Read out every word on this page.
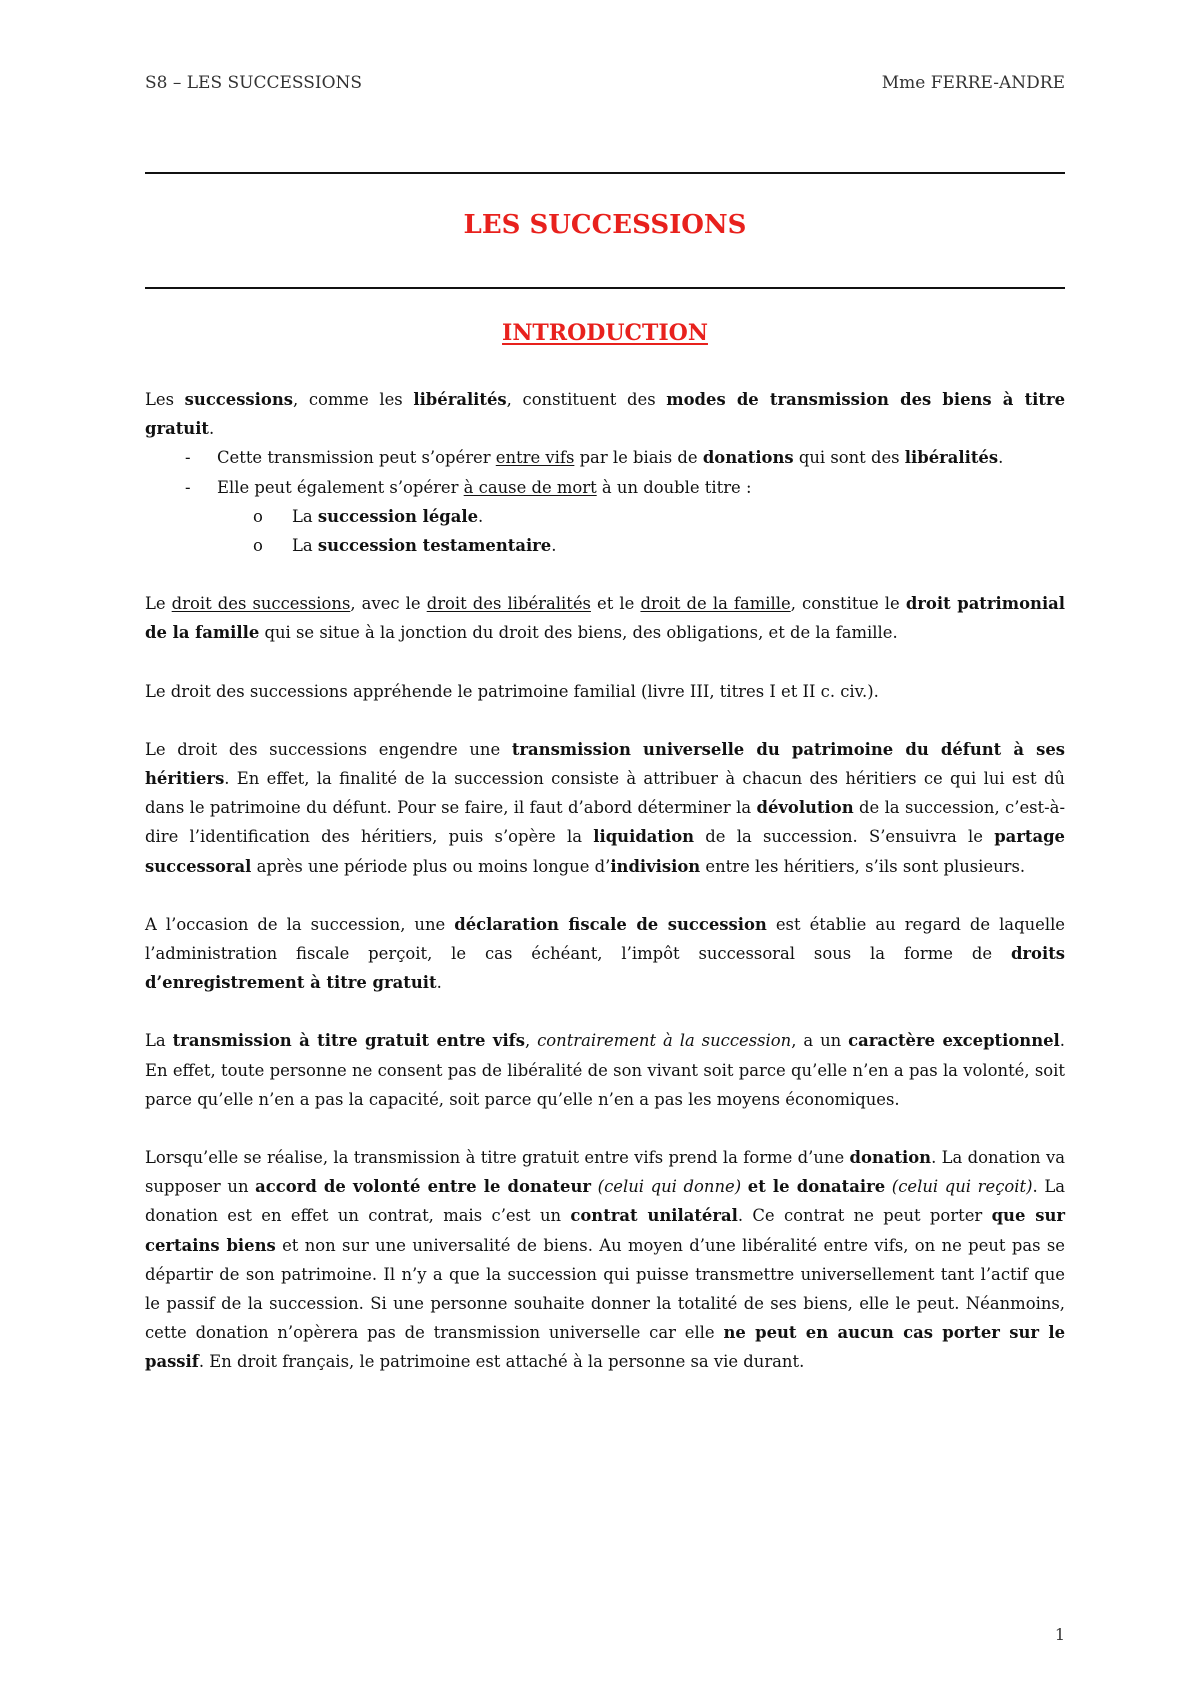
S8 – LES SUCCESSIONS	Mme FERRE-ANDRE
LES SUCCESSIONS
INTRODUCTION

Les successions, comme les libéralités, constituent des modes de transmission des biens à titre gratuit.

- Cette transmission peut s’opérer entre vifs par le biais de donations qui sont des libéralités.
- Elle peut également s’opérer à cause de mort à un double titre :
o La succession légale.
o La succession testamentaire.

Le droit des successions, avec le droit des libéralités et le droit de la famille, constitue le droit patrimonial de la famille qui se situe à la jonction du droit des biens, des obligations, et de la famille.

Le droit des successions appréhende le patrimoine familial (livre III, titres I et II c. civ.).

Le droit des successions engendre une transmission universelle du patrimoine du défunt à ses héritiers. En effet, la finalité de la succession consiste à attribuer à chacun des héritiers ce qui lui est dû dans le patrimoine du défunt. Pour se faire, il faut d’abord déterminer la dévolution de la succession, c’est-à-dire l’identification des héritiers, puis s’opère la liquidation de la succession. S’ensuivra le partage successoral après une période plus ou moins longue d’indivision entre les héritiers, s’ils sont plusieurs.

A l’occasion de la succession, une déclaration fiscale de succession est établie au regard de laquelle l’administration fiscale perçoit, le cas échéant, l’impôt successoral sous la forme de droits d’enregistrement à titre gratuit.

La transmission à titre gratuit entre vifs, contrairement à la succession, a un caractère exceptionnel. En effet, toute personne ne consent pas de libéralité de son vivant soit parce qu’elle n’en a pas la volonté, soit parce qu’elle n’en a pas la capacité, soit parce qu’elle n’en a pas les moyens économiques.

Lorsqu’elle se réalise, la transmission à titre gratuit entre vifs prend la forme d’une donation. La donation va supposer un accord de volonté entre le donateur (celui qui donne) et le donataire (celui qui reçoit). La donation est en effet un contrat, mais c’est un contrat unilatéral. Ce contrat ne peut porter que sur certains biens et non sur une universalité de biens. Au moyen d’une libéralité entre vifs, on ne peut pas se départir de son patrimoine. Il n’y a que la succession qui puisse transmettre universellement tant l’actif que le passif de la succession. Si une personne souhaite donner la totalité de ses biens, elle le peut. Néanmoins, cette donation n’opèrera pas de transmission universelle car elle ne peut en aucun cas porter sur le passif. En droit français, le patrimoine est attaché à la personne sa vie durant.

1
